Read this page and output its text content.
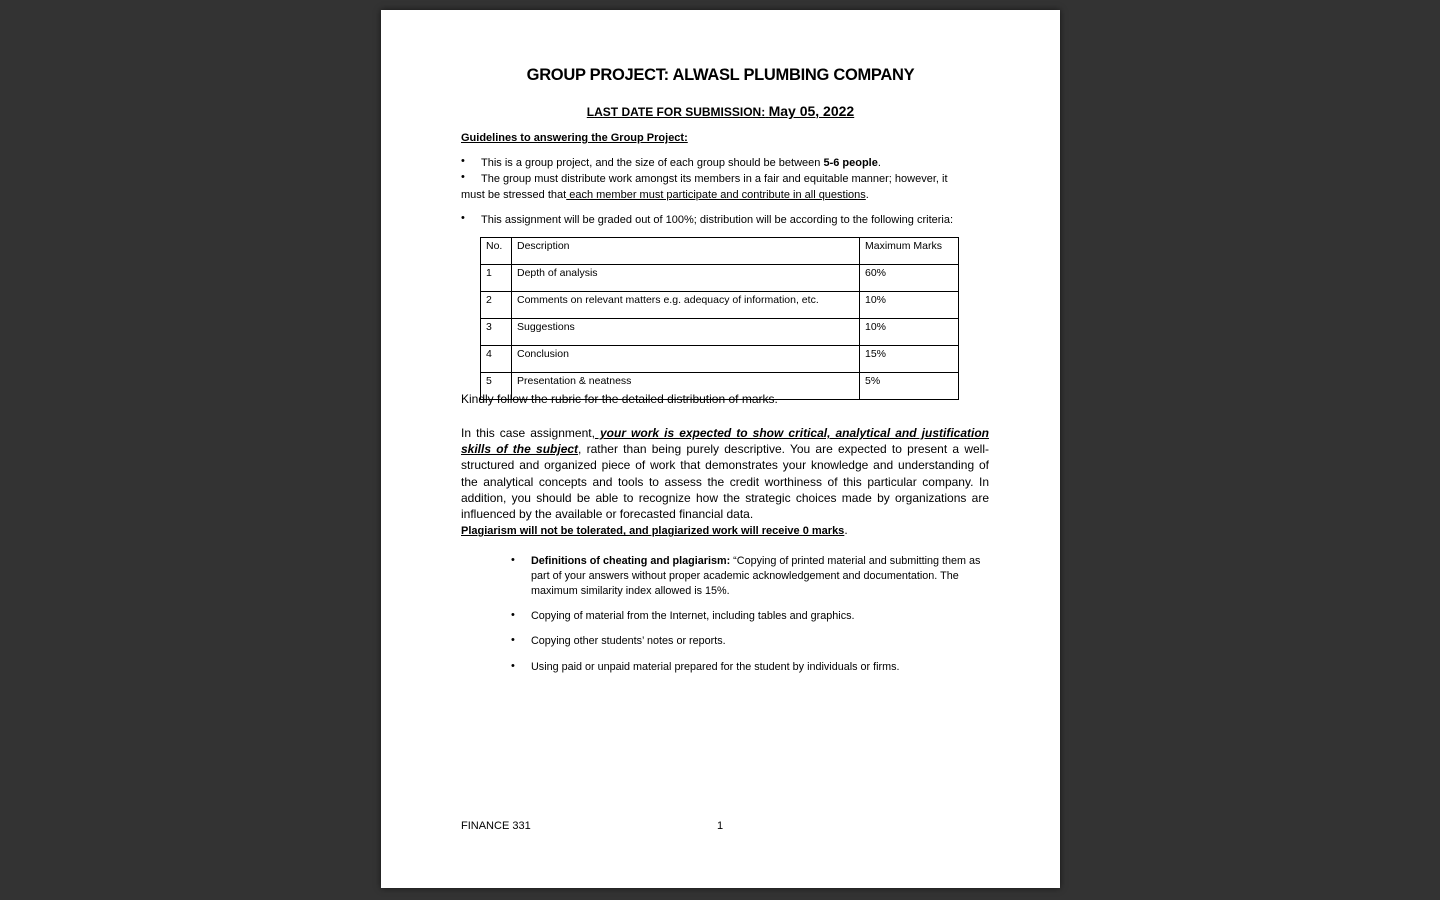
GROUP PROJECT: ALWASL PLUMBING COMPANY
LAST DATE FOR SUBMISSION: May 05, 2022
Guidelines to answering the Group Project:
• This is a group project, and the size of each group should be between 5-6 people.
• The group must distribute work amongst its members in a fair and equitable manner; however, it
must be stressed that each member must participate and contribute in all questions.
• This assignment will be graded out of 100%; distribution will be according to the following criteria:
No.	Description	Maximum Marks
1	Depth of analysis	60%
2	Comments on relevant matters e.g. adequacy of information, etc.	10%
3	Suggestions	10%
4	Conclusion	15%
5	Presentation & neatness	5%
Kindly follow the rubric for the detailed distribution of marks.
In this case assignment, your work is expected to show critical, analytical and justification skills of the subject, rather than being purely descriptive. You are expected to present a well-structured and organized piece of work that demonstrates your knowledge and understanding of the analytical concepts and tools to assess the credit worthiness of this particular company. In addition, you should be able to recognize how the strategic choices made by organizations are influenced by the available or forecasted financial data.
Plagiarism will not be tolerated, and plagiarized work will receive 0 marks.
• Definitions of cheating and plagiarism: “Copying of printed material and submitting them as part of your answers without proper academic acknowledgement and documentation. The maximum similarity index allowed is 15%.
• Copying of material from the Internet, including tables and graphics.
• Copying other students’ notes or reports.
• Using paid or unpaid material prepared for the student by individuals or firms.
FINANCE 331	1
